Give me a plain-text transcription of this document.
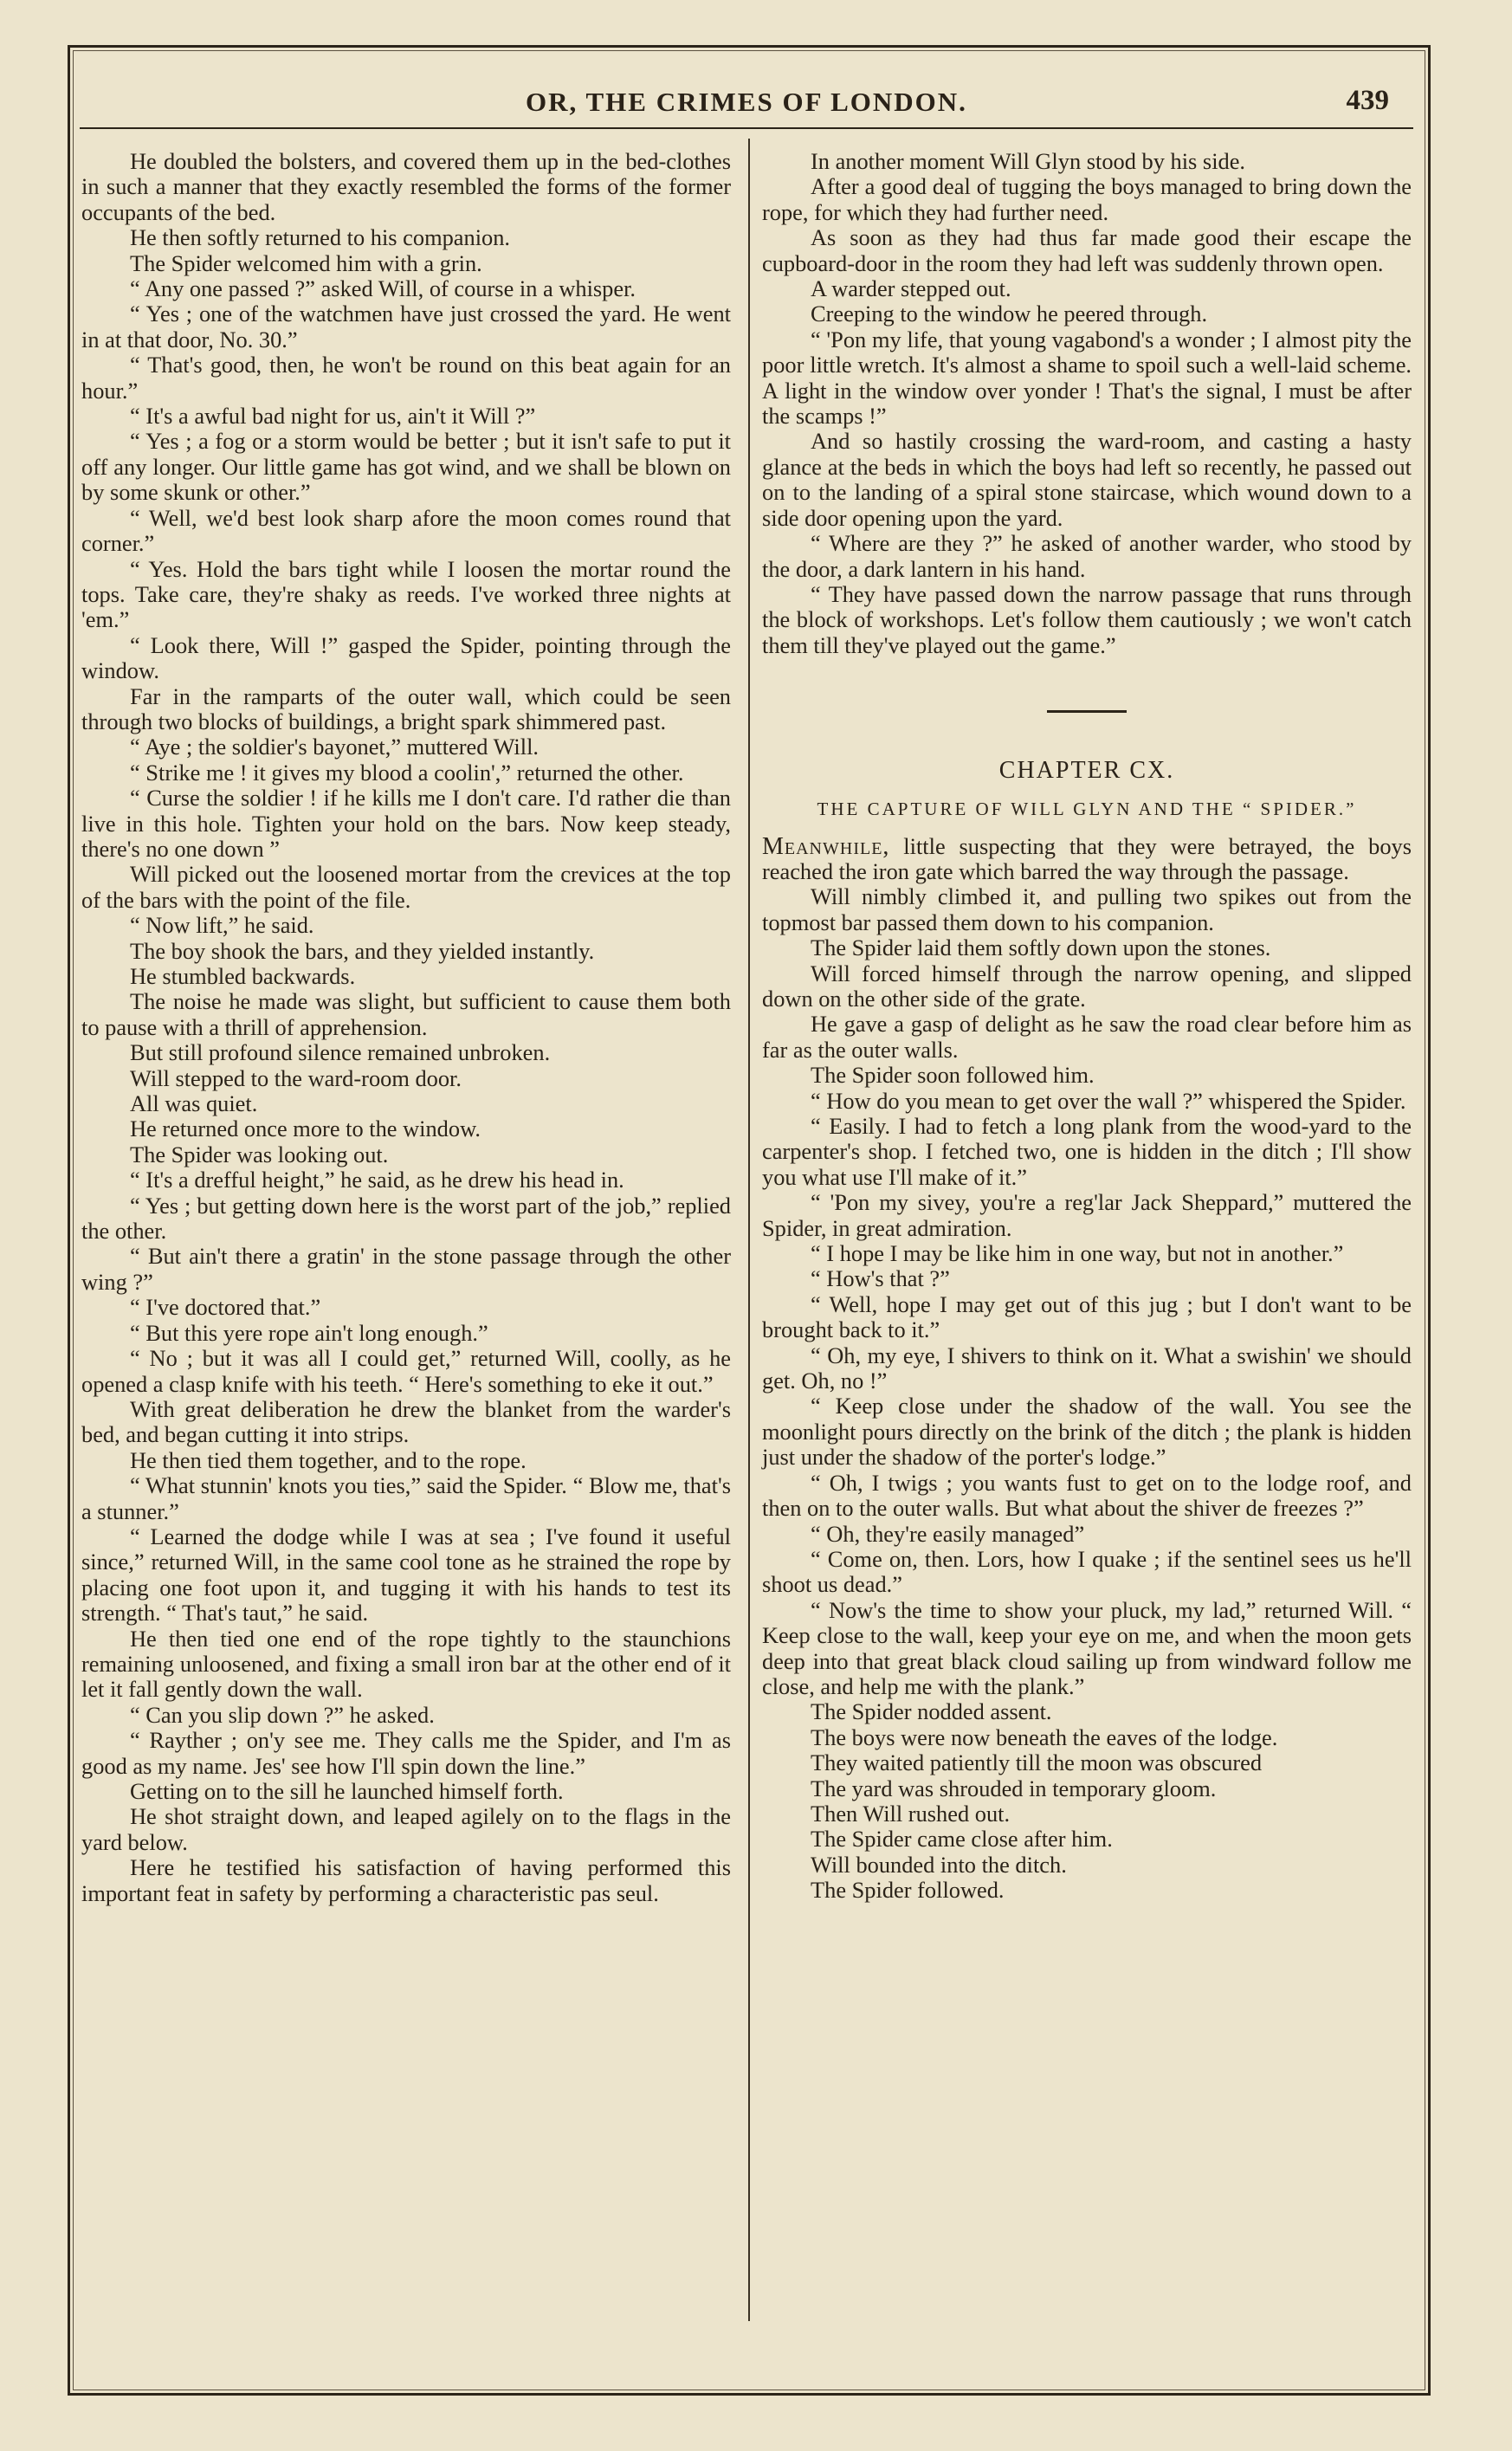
OR, THE CRIMES OF LONDON.	439

He doubled the bolsters, and covered them up in the bed-clothes in such a manner that they exactly resembled the forms of the former occupants of the bed.

He then softly returned to his companion.

The Spider welcomed him with a grin.

“ Any one passed ?” asked Will, of course in a whisper.

“ Yes ; one of the watchmen have just crossed the yard. He went in at that door, No. 30.”

“ That's good, then, he won't be round on this beat again for an hour.”

“ It's a awful bad night for us, ain't it Will ?”

“ Yes ; a fog or a storm would be better ; but it isn't safe to put it off any longer. Our little game has got wind, and we shall be blown on by some skunk or other.”

“ Well, we'd best look sharp afore the moon comes round that corner.”

“ Yes. Hold the bars tight while I loosen the mortar round the tops. Take care, they're shaky as reeds. I've worked three nights at 'em.”

“ Look there, Will !” gasped the Spider, pointing through the window.

Far in the ramparts of the outer wall, which could be seen through two blocks of buildings, a bright spark shimmered past.

“ Aye ; the soldier's bayonet,” muttered Will.

“ Strike me ! it gives my blood a coolin',” returned the other.

“ Curse the soldier ! if he kills me I don't care. I'd rather die than live in this hole. Tighten your hold on the bars. Now keep steady, there's no one down ”

Will picked out the loosened mortar from the crevices at the top of the bars with the point of the file.

“ Now lift,” he said.

The boy shook the bars, and they yielded instantly.

He stumbled backwards.

The noise he made was slight, but sufficient to cause them both to pause with a thrill of apprehension.

But still profound silence remained unbroken.

Will stepped to the ward-room door.

All was quiet.

He returned once more to the window.

The Spider was looking out.

“ It's a drefful height,” he said, as he drew his head in.

“ Yes ; but getting down here is the worst part of the job,” replied the other.

“ But ain't there a gratin' in the stone passage through the other wing ?”

“ I've doctored that.”

“ But this yere rope ain't long enough.”

“ No ; but it was all I could get,” returned Will, coolly, as he opened a clasp knife with his teeth. “ Here's something to eke it out.”

With great deliberation he drew the blanket from the warder's bed, and began cutting it into strips.

He then tied them together, and to the rope.

“ What stunnin' knots you ties,” said the Spider. “ Blow me, that's a stunner.”

“ Learned the dodge while I was at sea ; I've found it useful since,” returned Will, in the same cool tone as he strained the rope by placing one foot upon it, and tugging it with his hands to test its strength. “ That's taut,” he said.

He then tied one end of the rope tightly to the staunchions remaining unloosened, and fixing a small iron bar at the other end of it let it fall gently down the wall.

“ Can you slip down ?” he asked.

“ Rayther ; on'y see me. They calls me the Spider, and I'm as good as my name. Jes' see how I'll spin down the line.”

Getting on to the sill he launched himself forth.

He shot straight down, and leaped agilely on to the flags in the yard below.

Here he testified his satisfaction of having performed this important feat in safety by performing a characteristic pas seul.

In another moment Will Glyn stood by his side.

After a good deal of tugging the boys managed to bring down the rope, for which they had further need.

As soon as they had thus far made good their escape the cupboard-door in the room they had left was suddenly thrown open.

A warder stepped out.

Creeping to the window he peered through.

“ 'Pon my life, that young vagabond's a wonder ; I almost pity the poor little wretch. It's almost a shame to spoil such a well-laid scheme. A light in the window over yonder ! That's the signal, I must be after the scamps !”

And so hastily crossing the ward-room, and casting a hasty glance at the beds in which the boys had left so recently, he passed out on to the landing of a spiral stone staircase, which wound down to a side door opening upon the yard.

“ Where are they ?” he asked of another warder, who stood by the door, a dark lantern in his hand.

“ They have passed down the narrow passage that runs through the block of workshops. Let's follow them cautiously ; we won't catch them till they've played out the game.”

CHAPTER CX.
THE CAPTURE OF WILL GLYN AND THE “ SPIDER.”

Meanwhile, little suspecting that they were betrayed, the boys reached the iron gate which barred the way through the passage.

Will nimbly climbed it, and pulling two spikes out from the topmost bar passed them down to his companion.

The Spider laid them softly down upon the stones.

Will forced himself through the narrow opening, and slipped down on the other side of the grate.

He gave a gasp of delight as he saw the road clear before him as far as the outer walls.

The Spider soon followed him.

“ How do you mean to get over the wall ?” whispered the Spider.

“ Easily. I had to fetch a long plank from the wood-yard to the carpenter's shop. I fetched two, one is hidden in the ditch ; I'll show you what use I'll make of it.”

“ 'Pon my sivey, you're a reg'lar Jack Sheppard,” muttered the Spider, in great admiration.

“ I hope I may be like him in one way, but not in another.”

“ How's that ?”

“ Well, hope I may get out of this jug ; but I don't want to be brought back to it.”

“ Oh, my eye, I shivers to think on it. What a swishin' we should get. Oh, no !”

“ Keep close under the shadow of the wall. You see the moonlight pours directly on the brink of the ditch ; the plank is hidden just under the shadow of the porter's lodge.”

“ Oh, I twigs ; you wants fust to get on to the lodge roof, and then on to the outer walls. But what about the shiver de freezes ?”

“ Oh, they're easily managed”

“ Come on, then. Lors, how I quake ; if the sentinel sees us he'll shoot us dead.”

“ Now's the time to show your pluck, my lad,” returned Will. “ Keep close to the wall, keep your eye on me, and when the moon gets deep into that great black cloud sailing up from windward follow me close, and help me with the plank.”

The Spider nodded assent.

The boys were now beneath the eaves of the lodge.

They waited patiently till the moon was obscured

The yard was shrouded in temporary gloom.

Then Will rushed out.

The Spider came close after him.

Will bounded into the ditch.

The Spider followed.
